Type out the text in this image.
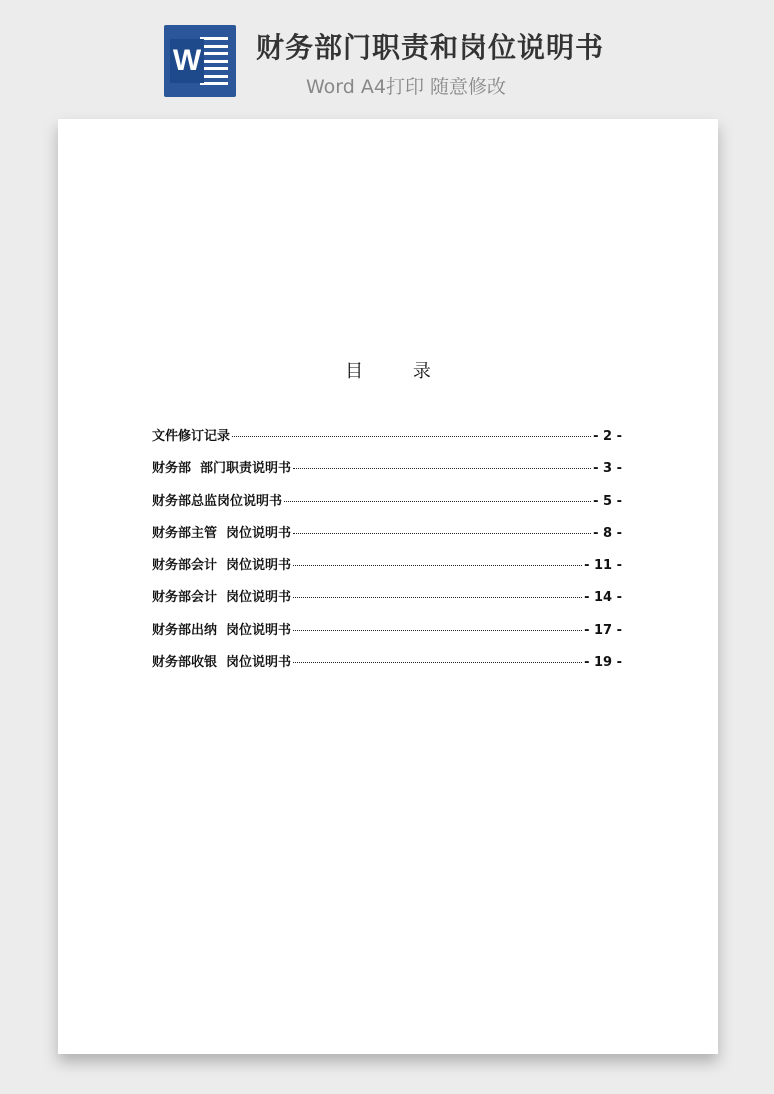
W 财务部门职责和岗位说明书
Word A4打印 随意修改
目 录
文件修订记录	- 2 -
财务部  部门职责说明书	- 3 -
财务部总监岗位说明书	- 5 -
财务部主管  岗位说明书	- 8 -
财务部会计  岗位说明书	- 11 -
财务部会计  岗位说明书	- 14 -
财务部出纳  岗位说明书	- 17 -
财务部收银  岗位说明书	- 19 -
